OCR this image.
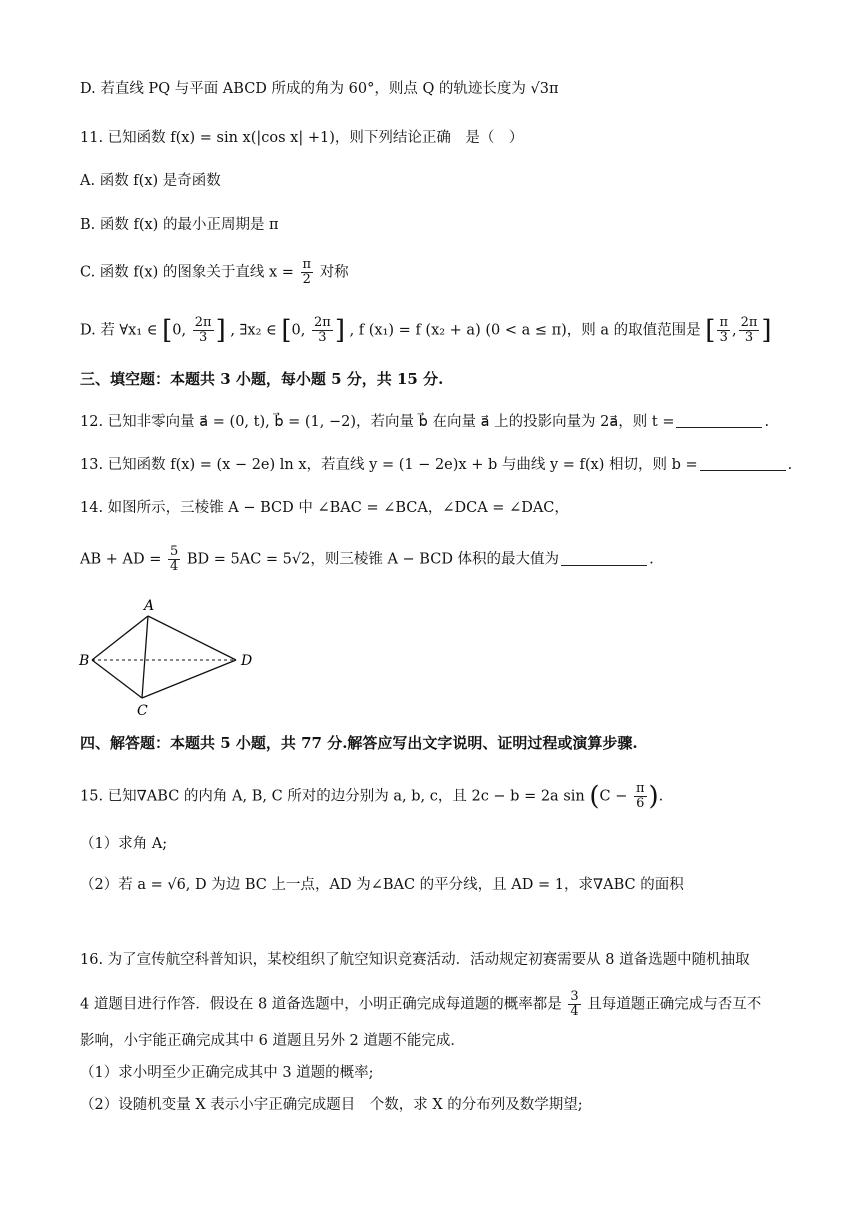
D. 若直线 PQ 与平面 ABCD 所成的角为 60°，则点 Q 的轨迹长度为 √3π
11. 已知函数 f(x) = sin x(|cos x| +1)，则下列结论正确　是（　）
A. 函数 f(x) 是奇函数
B. 函数 f(x) 的最小正周期是 π
C. 函数 f(x) 的图象关于直线 $x = \frac{\pi}{2}$ 对称
D. 若 ∀x₁ ∈ [0, $\frac{2\pi}{3}$ ] , ∃x₂ ∈ [0, $\frac{2\pi}{3}$ ] , f (x₁) = f (x₂ + a) (0 < a ≤ π)，则 a 的取值范围是 [ $\frac{\pi}{3}$ , $\frac{2\pi}{3}$ ]
三、填空题：本题共 3 小题，每小题 5 分，共 15 分.
12. 已知非零向量 a⃗ = (0, t), b⃗ = (1, −2)，若向量 b⃗ 在向量 a⃗ 上的投影向量为 2a⃗，则 t =	.
13. 已知函数 f(x) = (x − 2e) ln x，若直线 y = (1 − 2e)x + b 与曲线 y = f(x) 相切，则 b =	.
14. 如图所示，三棱锥 A − BCD 中 ∠BAC = ∠BCA，∠DCA = ∠DAC，
AB + AD = $\frac{5}{4}$ BD = 5AC = 5√2，则三棱锥 A − BCD 体积的最大值为	.
A
B
C
D
四、解答题：本题共 5 小题，共 77 分.解答应写出文字说明、证明过程或演算步骤.
15. 已知∇ABC 的内角 A, B, C 所对的边分别为 a, b, c，且 2c − b = 2a $\sin (C - \frac{\pi}{6}$ ).
（1）求角 A;
（2）若 a = √6, D 为边 BC 上一点，AD 为∠BAC 的平分线，且 AD = 1，求∇ABC 的面积
16. 为了宣传航空科普知识，某校组织了航空知识竞赛活动．活动规定初赛需要从 8 道备选题中随机抽取
4 道题目进行作答．假设在 8 道备选题中，小明正确完成每道题的概率都是 $\frac{3}{4}$ 且每道题正确完成与否互不
影响，小宇能正确完成其中 6 道题且另外 2 道题不能完成．
（1）求小明至少正确完成其中 3 道题的概率;
（2）设随机变量 X 表示小宇正确完成题目　个数，求 X 的分布列及数学期望;
